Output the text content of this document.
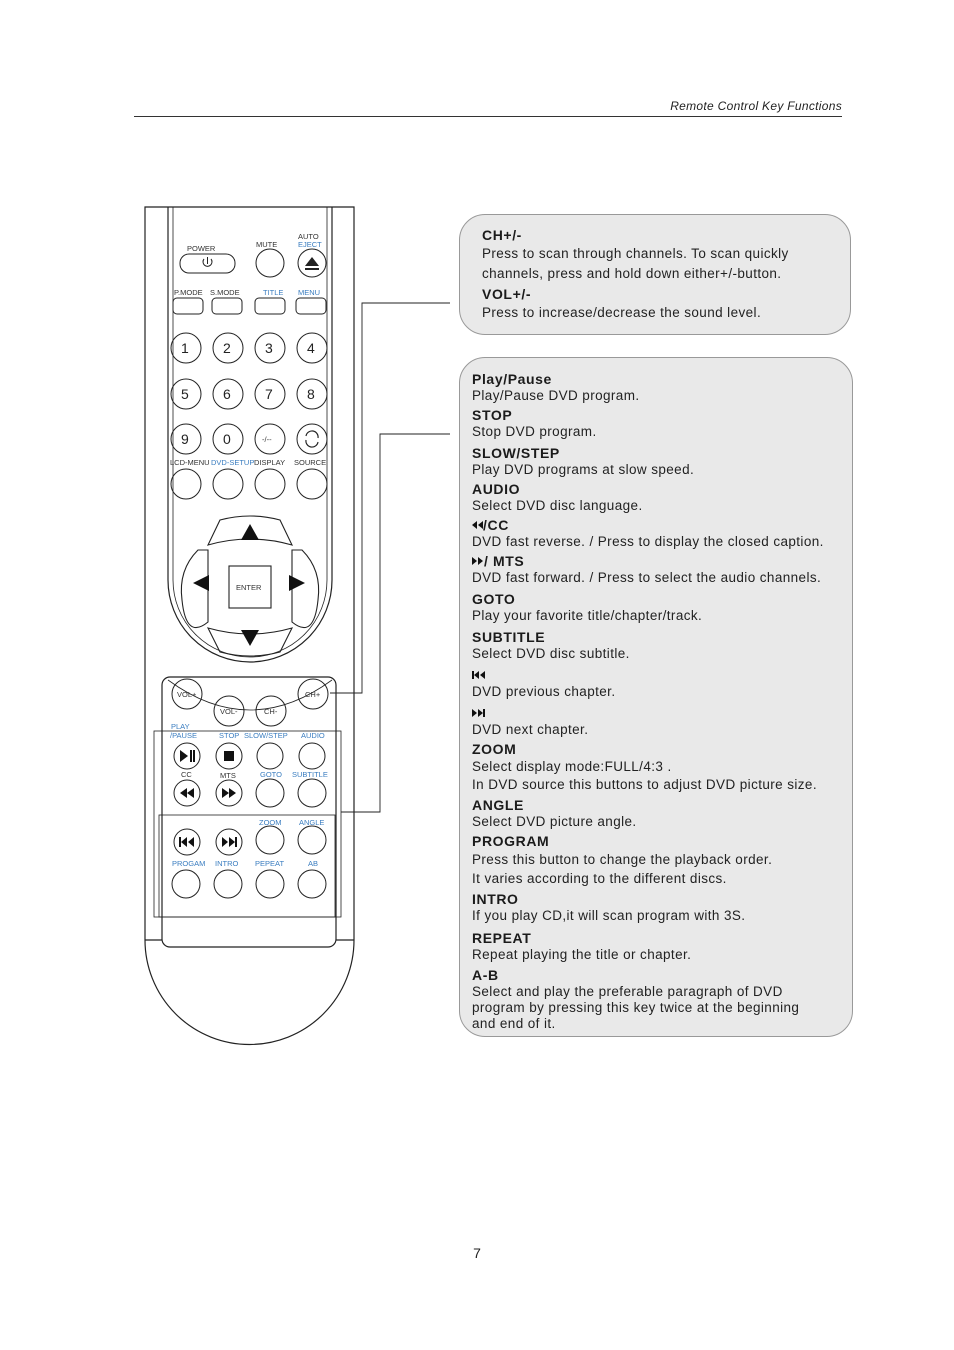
Remote Control Key Functions
POWER	MUTE
AUTO
EJECT
P.MODE S.MODE	TITLE MENU
1 2 3 4
5 6 7 8
9 0	-/--
LCD-MENU DVD-SETUP DISPLAY SOURCE
ENTER
VOL+
VOL-	CH-
CH+
PLAY
/PAUSE	STOP SLOW/STEP AUDIO
CC	MTS	GOTO SUBTITLE
ZOOM ANGLE
PROGAM INTRO PEPEAT	AB
CH+/-
Press to scan through channels. To scan quickly
channels, press and hold down either+/-button.
VOL+/-
Press to increase/decrease the sound level.
Play/Pause
Play/Pause DVD program.
STOP
Stop DVD program.
SLOW/STEP
Play DVD programs at slow speed.
AUDIO
Select DVD disc language.
/CC
DVD fast reverse. / Press to display the closed caption.
/ MTS
DVD fast forward. / Press to select the audio channels.
GOTO
Play your favorite title/chapter/track.
SUBTITLE
Select DVD disc subtitle.
DVD previous chapter.
DVD next chapter.
ZOOM
Select display mode:FULL/4:3 .
In DVD source this buttons to adjust DVD picture size.
ANGLE
Select DVD picture angle.
PROGRAM
Press this button to change the playback order.
It varies according to the different discs.
INTRO
If you play CD,it will scan program with 3S.
REPEAT
Repeat playing the title or chapter.
A-B
Select and play the preferable paragraph of DVD
program by pressing this key twice at the beginning
and end of it.
7
